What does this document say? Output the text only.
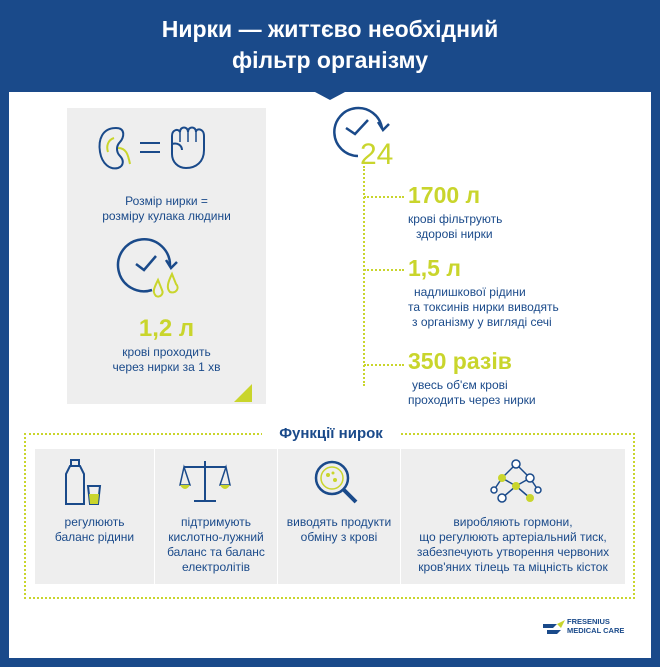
Нирки — життєво необхідний
фільтр організму
Розмір нирки =
розміру кулака людини
1,2 л
крові проходить
через нирки за 1 хв
24
1700 л
крові фільтрують
здорові нирки
1,5 л
надлишкової рідини
та токсинів нирки виводять
з організму у вигляді сечі
350 разів
увесь об'єм крові
проходить через нирки
Функції нирок
регулюють
баланс рідини
підтримують
кислотно-лужний
баланс та баланс
електролітів
виводять продукти
обміну з крові
виробляють гормони,
що регулюють артеріальний тиск,
забезпечують утворення червоних
кров'яних тілець та міцність кісток
FRESENIUS
MEDICAL CARE
